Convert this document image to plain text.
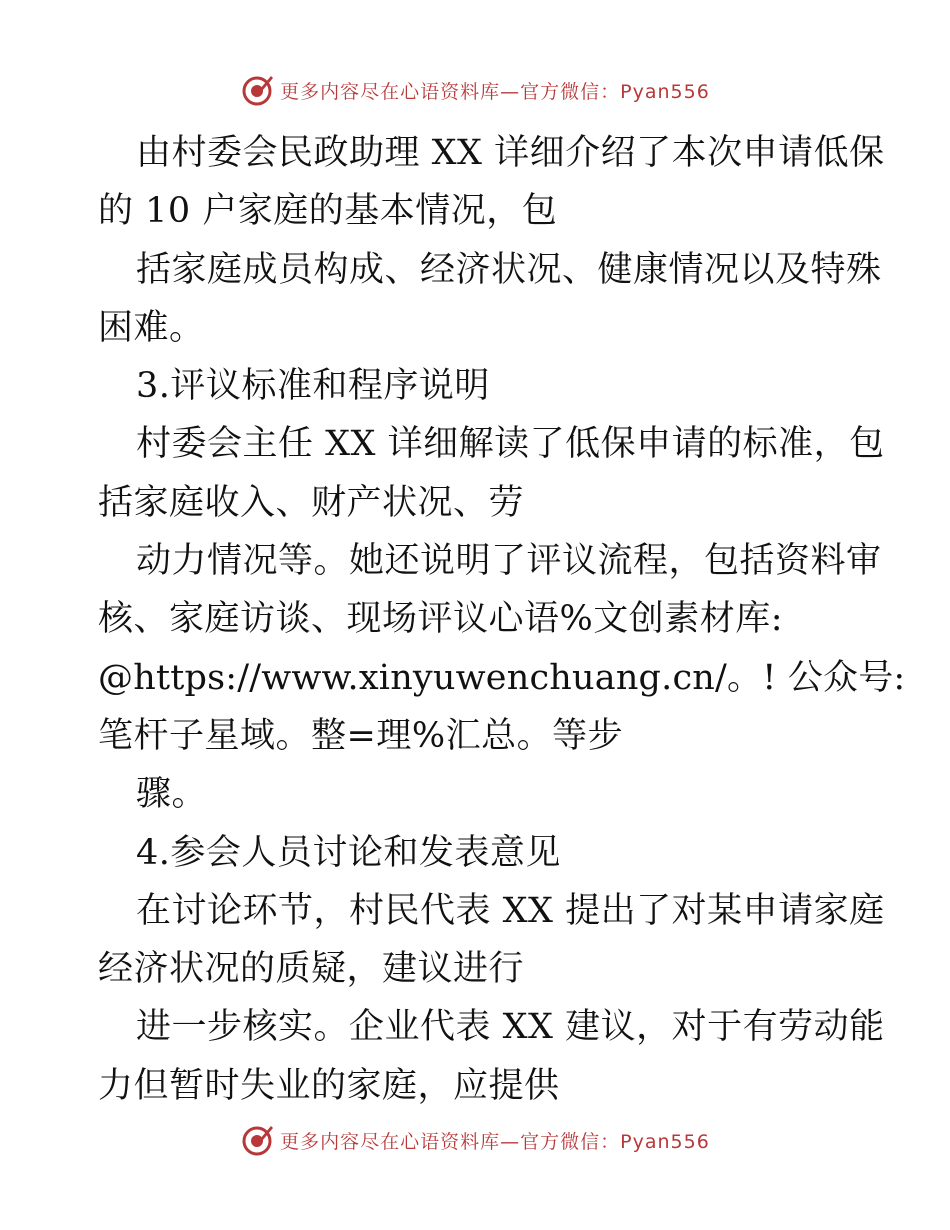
更多内容尽在心语资料库—官方微信：Pyan556
由村委会民政助理 XX 详细介绍了本次申请低保
的 10 户家庭的基本情况，包
括家庭成员构成、经济状况、健康情况以及特殊
困难。
3.评议标准和程序说明
村委会主任 XX 详细解读了低保申请的标准，包
括家庭收入、财产状况、劳
动力情况等。她还说明了评议流程，包括资料审
核、家庭访谈、现场评议心语%文创素材库:
@https://www.xinyuwenchuang.cn/。! 公众号:
笔杆子星域。整=理%汇总。等步
骤。
4.参会人员讨论和发表意见
在讨论环节，村民代表 XX 提出了对某申请家庭
经济状况的质疑，建议进行
进一步核实。企业代表 XX 建议，对于有劳动能
力但暂时失业的家庭，应提供
更多内容尽在心语资料库—官方微信：Pyan556
